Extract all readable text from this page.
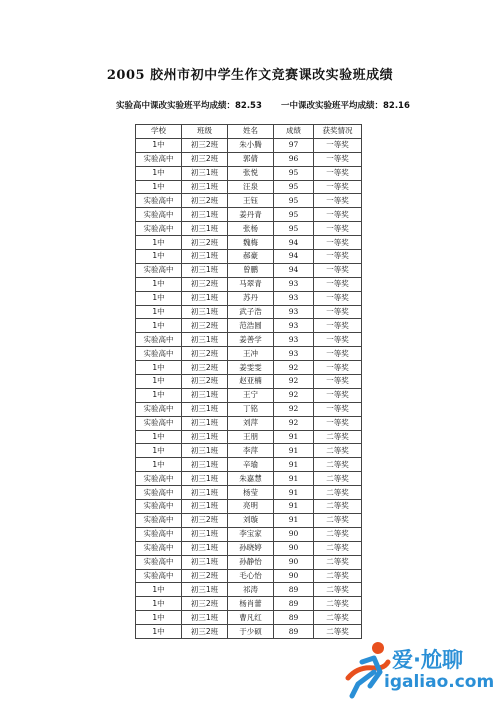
2005 胶州市初中学生作文竞赛课改实验班成绩
实验高中课改实验班平均成绩：82.53 一中课改实验班平均成绩：82.16
学校	班级	姓名	成绩	获奖情况
1中	初三2班	朱小腾	97	一等奖
实验高中	初三2班	郭倩	96	一等奖
1中	初三1班	张悦	95	一等奖
1中	初三1班	汪泉	95	一等奖
实验高中	初三2班	王钰	95	一等奖
实验高中	初三1班	姜丹青	95	一等奖
实验高中	初三1班	张杨	95	一等奖
1中	初三2班	魏梅	94	一等奖
1中	初三1班	郝豪	94	一等奖
实验高中	初三1班	曾鹏	94	一等奖
1中	初三2班	马翠青	93	一等奖
1中	初三1班	苏丹	93	一等奖
1中	初三1班	武子浩	93	一等奖
1中	初三2班	范浩圆	93	一等奖
实验高中	初三1班	姜善学	93	一等奖
实验高中	初三2班	王冲	93	一等奖
1中	初三2班	姜雯雯	92	一等奖
1中	初三2班	赵亚楠	92	一等奖
1中	初三1班	王宁	92	一等奖
实验高中	初三1班	丁铭	92	一等奖
实验高中	初三1班	刘萍	92	一等奖
1中	初三1班	王朋	91	二等奖
1中	初三1班	李萍	91	二等奖
1中	初三1班	辛瑜	91	二等奖
实验高中	初三1班	朱嘉慧	91	二等奖
实验高中	初三1班	杨莹	91	二等奖
实验高中	初三1班	亮明	91	二等奖
实验高中	初三2班	刘璇	91	二等奖
实验高中	初三1班	李宝家	90	二等奖
实验高中	初三1班	孙晓婷	90	二等奖
实验高中	初三1班	孙静怡	90	二等奖
实验高中	初三2班	毛心怡	90	二等奖
1中	初三1班	祁涛	89	二等奖
1中	初三2班	杨肖蕾	89	二等奖
1中	初三1班	曹凡红	89	二等奖
1中	初三2班	于少硕	89	二等奖
爱·尬聊
igaliao.com
